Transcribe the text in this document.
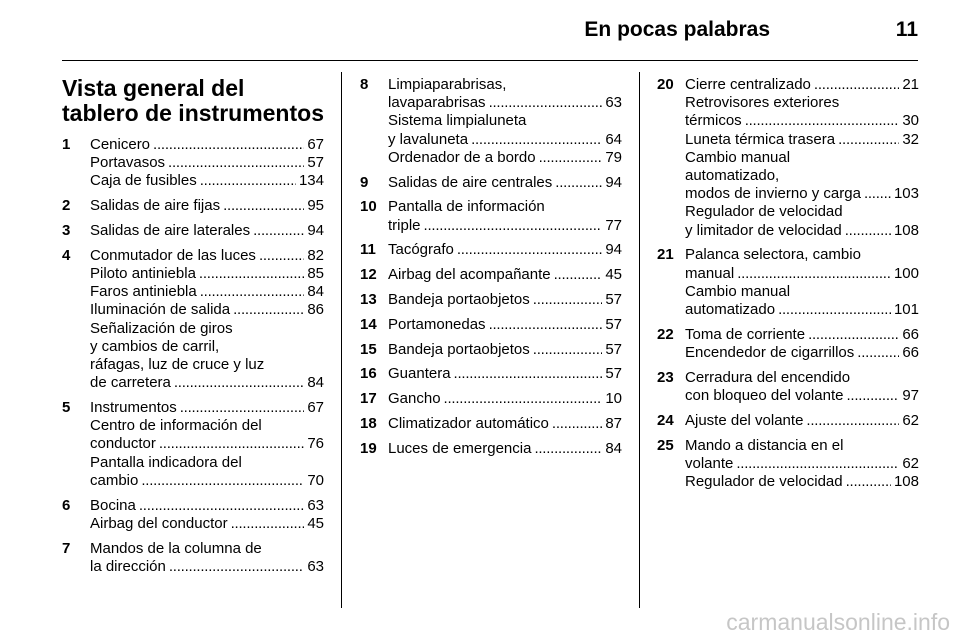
En pocas palabras	11
Vista general del tablero de instrumentos
1	Cenicero . . .	67
Portavasos . . .	57
Caja de fusibles . . .	134
2	Salidas de aire fijas . . .	95
3	Salidas de aire laterales . . .	94
4	Conmutador de las luces . . .	82
Piloto antiniebla . . .	85
Faros antiniebla . . .	84
Iluminación de salida . . .	86
Señalización de giros
y cambios de carril,
ráfagas, luz de cruce y luz
de carretera . . .	84
5	Instrumentos . . .	67
Centro de información del
conductor . . .	76
Pantalla indicadora del
cambio . . .	70
6	Bocina . . .	63
Airbag del conductor . . .	45
7	Mandos de la columna de
la dirección . . .	63
8	Limpiaparabrisas,
lavaparabrisas . . .	63
Sistema limpialuneta
y lavaluneta . . .	64
Ordenador de a bordo . . .	79
9	Salidas de aire centrales . . .	94
10 Pantalla de información
triple . . .	77
11 Tacógrafo . . .	94
12 Airbag del acompañante . . .	45
13 Bandeja portaobjetos . . .	57
14 Portamonedas . . .	57
15 Bandeja portaobjetos . . .	57
16 Guantera . . .	57
17 Gancho . . .	10
18 Climatizador automático . . .	87
19 Luces de emergencia . . .	84
20 Cierre centralizado . . .	21
Retrovisores exteriores
térmicos . . .	30
Luneta térmica trasera . . .	32
Cambio manual
automatizado,
modos de invierno y carga . . . 103
Regulador de velocidad
y limitador de velocidad . . .	108
21 Palanca selectora, cambio
manual . . .	100
Cambio manual
automatizado . . .	101
22 Toma de corriente . . .	66
Encendedor de cigarrillos . . .	66
23 Cerradura del encendido
con bloqueo del volante . . .	97
24 Ajuste del volante . . .	62
25 Mando a distancia en el
volante . . .	62
Regulador de velocidad . . .	108
carmanualsonline.info
